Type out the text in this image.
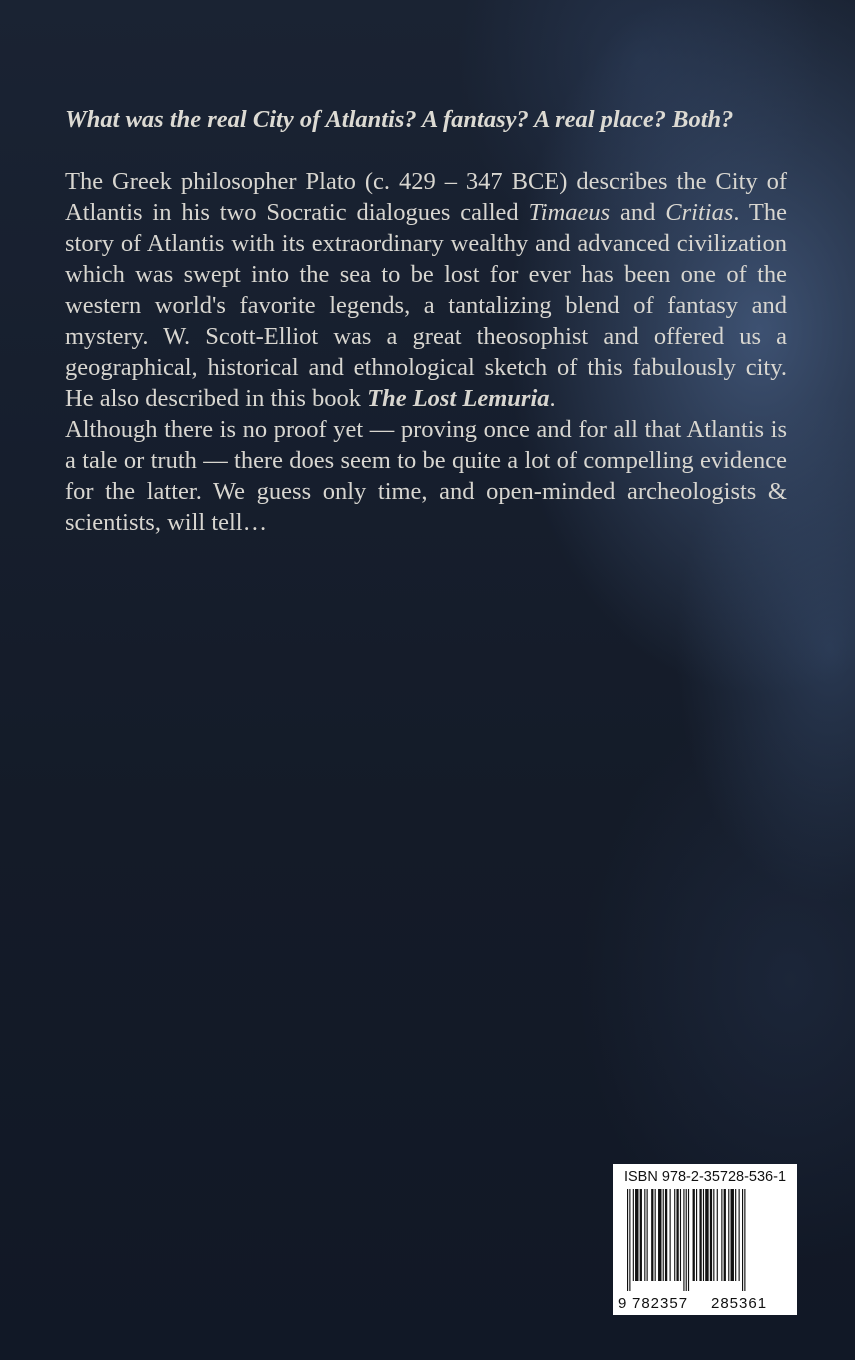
What was the real City of Atlantis? A fantasy? A real place? Both?

The Greek philosopher Plato (c. 429 – 347 BCE) describes the City of Atlantis in his two Socratic dialogues called Timaeus and Critias. The story of Atlantis with its extraordinary wealthy and advanced civilization which was swept into the sea to be lost for ever has been one of the western world's favorite legends, a tantalizing blend of fantasy and mystery. W. Scott-Elliot was a great theosophist and offered us a geographical, historical and ethnological sketch of this fabulously city. He also described in this book The Lost Lemuria.

Although there is no proof yet — proving once and for all that Atlantis is a tale or truth — there does seem to be quite a lot of compelling evidence for the latter. We guess only time, and open-minded archeologists & scientists, will tell…

ISBN 978-2-35728-536-1
9 782357 285361
